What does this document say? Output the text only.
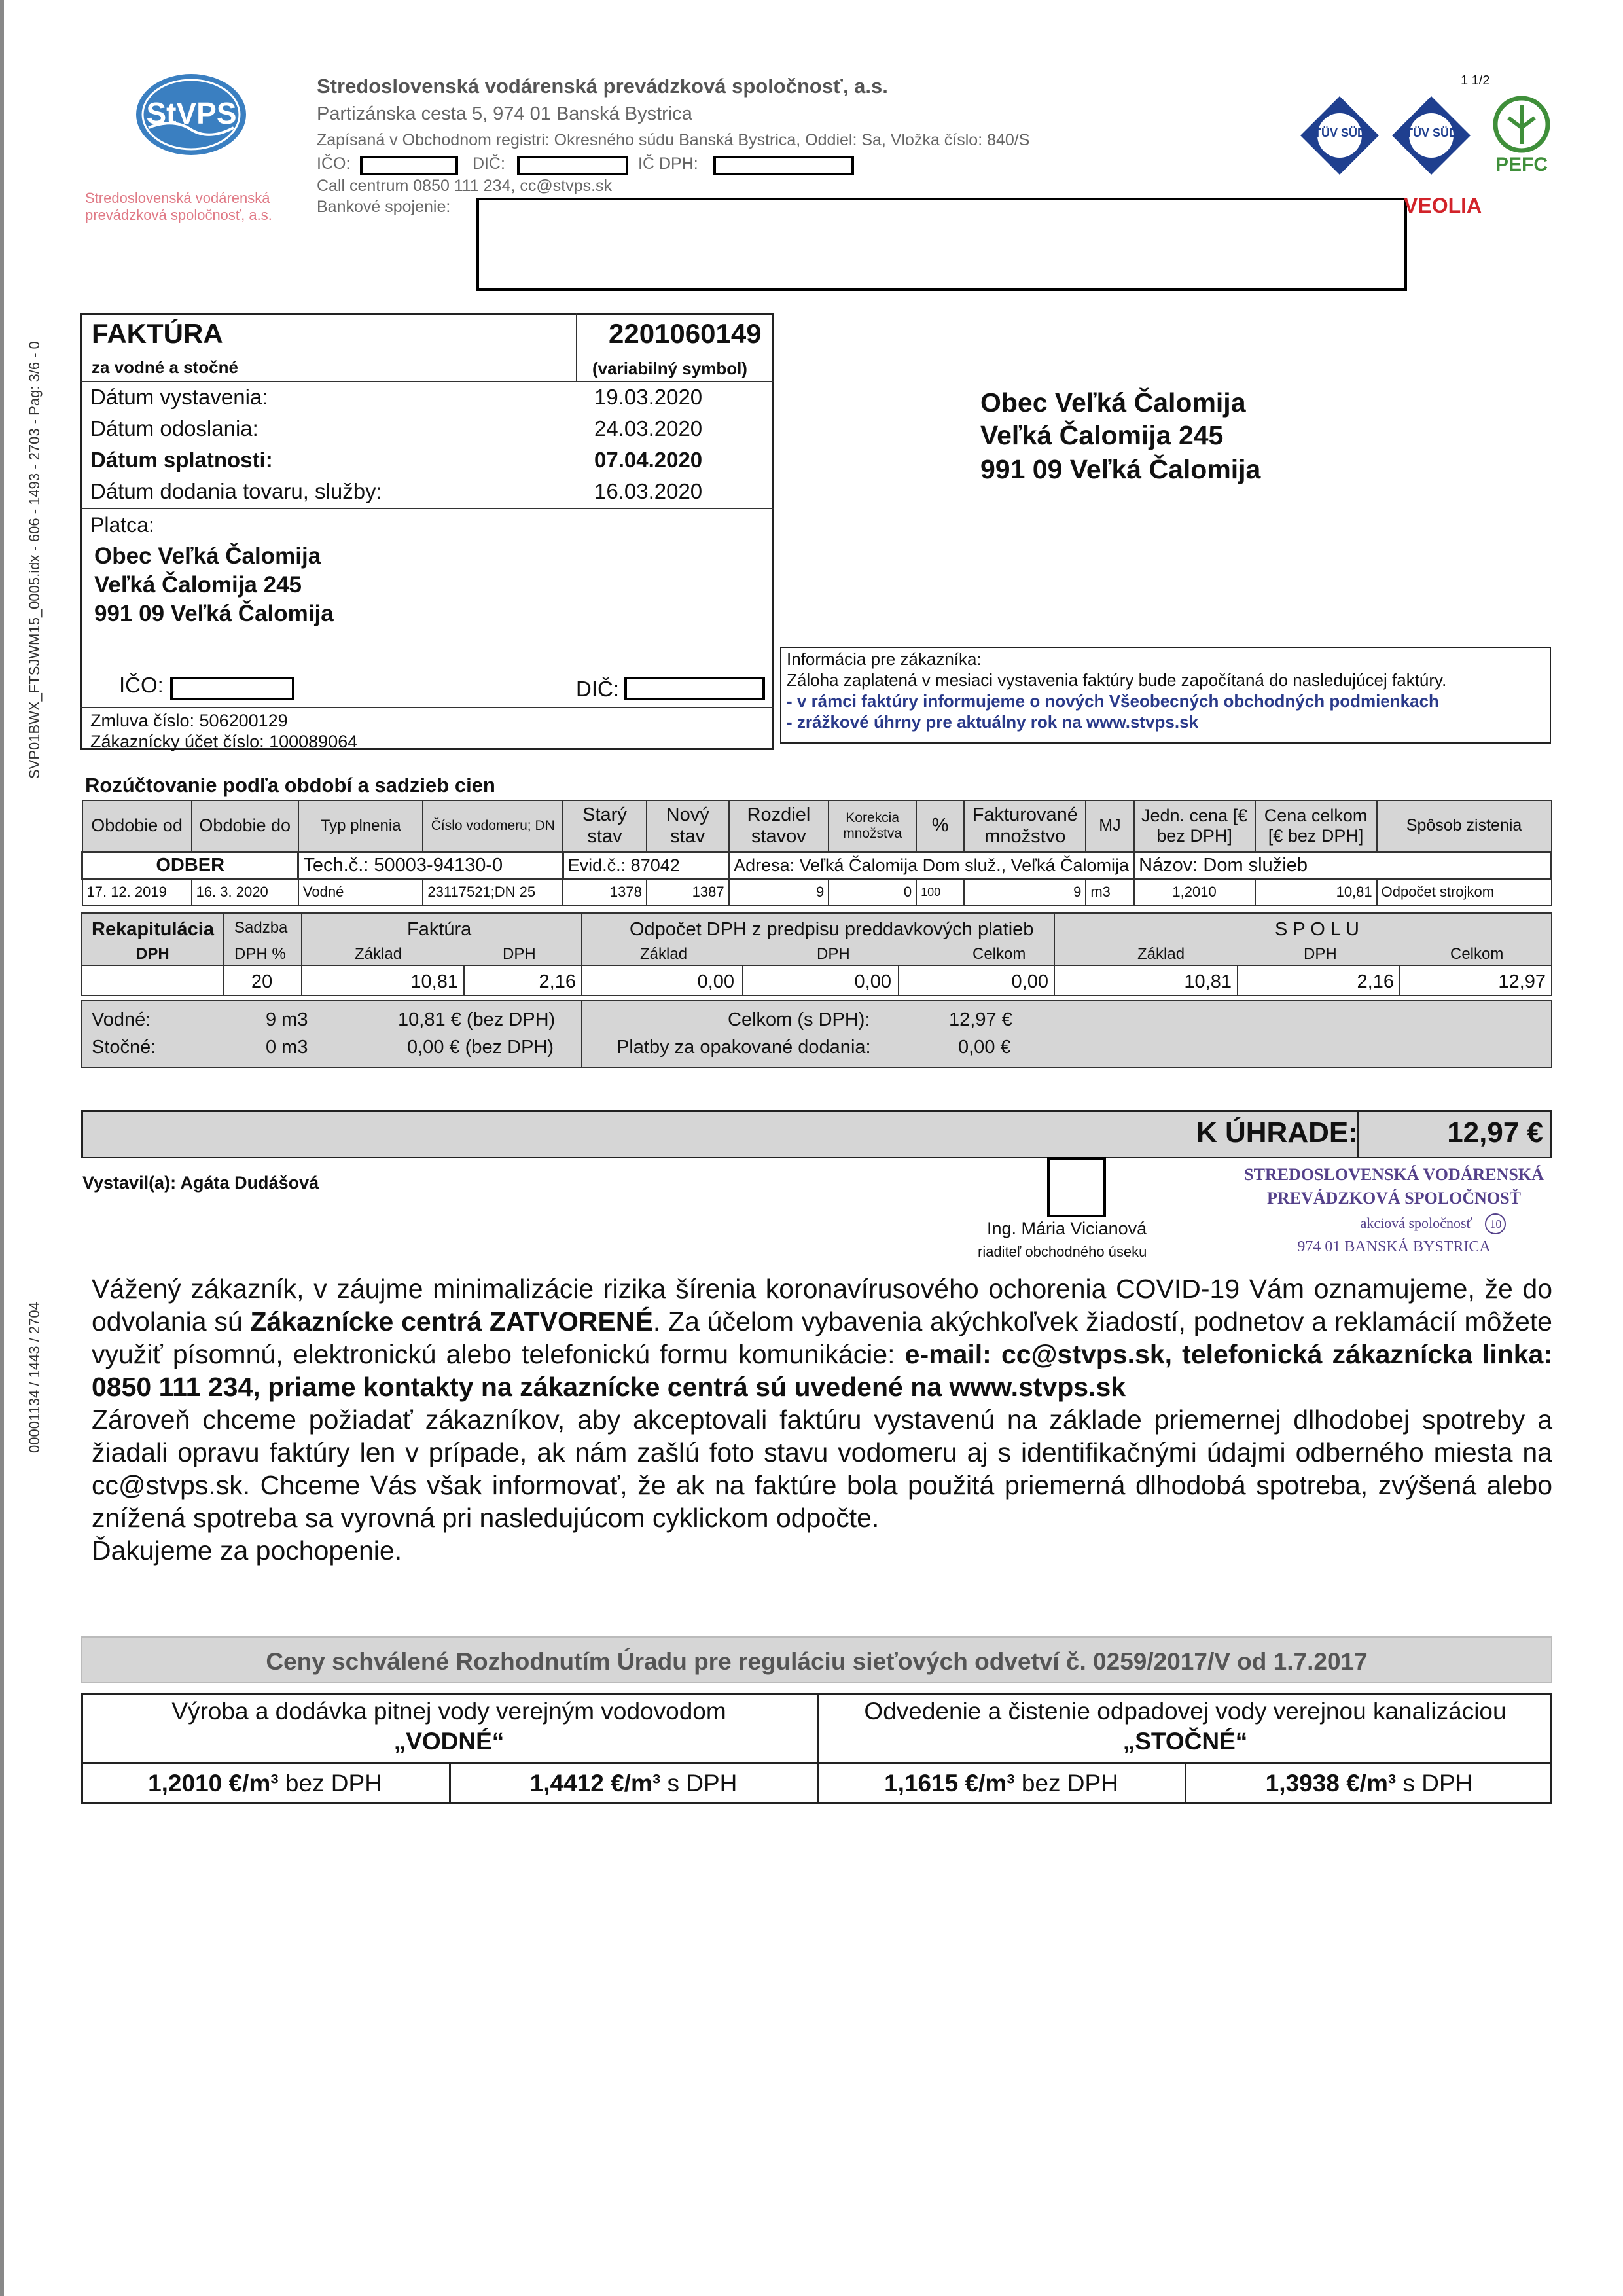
SVP01BWX_FTSJWM15_0005.idx - 606 - 1493 - 2703 - Pag: 3/6 - 0
00001134 / 1443 / 2704
StVPS
Stredoslovenská vodárenská
prevádzková spoločnosť, a.s.
Stredoslovenská vodárenská prevádzková spoločnosť, a.s.
Partizánska cesta 5, 974 01 Banská Bystrica
Zapísaná v Obchodnom registri: Okresného súdu Banská Bystrica, Oddiel: Sa, Vložka číslo: 840/S
IČO:	DIČ:	IČ DPH:
Call centrum 0850 111 234, cc@stvps.sk
Bankové spojenie:
1 1/2
TÜV SÜD	TÜV SÜD
PEFC
VEOLIA
FAKTÚRA
za vodné a stočné
2201060149
(variabilný symbol)
Dátum vystavenia:	19.03.2020
Dátum odoslania:	24.03.2020
Dátum splatnosti:	07.04.2020
Dátum dodania tovaru, služby:	16.03.2020
Platca:
Obec Veľká Čalomija
Veľká Čalomija 245
991 09 Veľká Čalomija
IČO:	DIČ:
Zmluva číslo: 506200129
Zákaznícky účet číslo: 100089064
Obec Veľká Čalomija
Veľká Čalomija 245
991 09 Veľká Čalomija
Informácia pre zákazníka:
Záloha zaplatená v mesiaci vystavenia faktúry bude započítaná do nasledujúcej faktúry.
- v rámci faktúry informujeme o nových Všeobecných obchodných podmienkach
- zrážkové úhrny pre aktuálny rok na www.stvps.sk
Rozúčtovanie podľa období a sadzieb cien
Obdobie od	Obdobie do	Typ plnenia	Číslo vodomeru; DN	Starý stav	Nový stav	Rozdiel stavov	Korekcia množstva	%	Fakturované množstvo	MJ	Jedn. cena [€ bez DPH]	Cena celkom [€ bez DPH]	Spôsob zistenia
ODBER		Tech.č.: 50003-94130-0		Evid.č.: 87042		Adresa: Veľká Čalomija Dom služ., Veľká Čalomija					Názov: Dom služieb		
17. 12. 2019	16. 3. 2020	Vodné	23117521;DN 25	1378	1387	9	0	100	9	m3	1,2010	10,81	Odpočet strojkom
Rekapitulácia
DPH
Sadzba
DPH %
Faktúra
Základ	DPH
Odpočet DPH z predpisu preddavkových platieb
Základ	DPH	Celkom
S P O L U
Základ	DPH	Celkom
20	10,81	2,16	0,00	0,00	0,00	10,81	2,16	12,97
Vodné:	9 m3	10,81 € (bez DPH)
Stočné:	0 m3	0,00 € (bez DPH)
Celkom (s DPH):	12,97 €
Platby za opakované dodania:	0,00 €
K ÚHRADE:	12,97 €
Vystavil(a): Agáta Dudášová
Ing. Mária Vicianová
riaditeľ obchodného úseku
STREDOSLOVENSKÁ VODÁRENSKÁ
PREVÁDZKOVÁ SPOLOČNOSŤ
akciová spoločnosť 10
974 01 BANSKÁ BYSTRICA

Vážený zákazník, v záujme minimalizácie rizika šírenia koronavírusového ochorenia COVID-19 Vám oznamujeme, že do odvolania sú Zákaznícke centrá ZATVORENÉ. Za účelom vybavenia akýchkoľvek žiadostí, podnetov a reklamácií môžete využiť písomnú, elektronickú alebo telefonickú formu komunikácie: e-mail: cc@stvps.sk, telefonická zákaznícka linka: 0850 111 234, priame kontakty na zákaznícke centrá sú uvedené na www.stvps.sk

Zároveň chceme požiadať zákazníkov, aby akceptovali faktúru vystavenú na základe priemernej dlhodobej spotreby a žiadali opravu faktúry len v prípade, ak nám zašlú foto stavu vodomeru aj s identifikačnými údajmi odberného miesta na cc@stvps.sk. Chceme Vás však informovať, že ak na faktúre bola použitá priemerná dlhodobá spotreba, zvýšená alebo znížená spotreba sa vyrovná pri nasledujúcom cyklickom odpočte.

Ďakujeme za pochopenie.

Ceny schválené Rozhodnutím Úradu pre reguláciu sieťových odvetví č. 0259/2017/V od 1.7.2017
Výroba a dodávka pitnej vody verejným vodovodom
„VODNÉ“
Odvedenie a čistenie odpadovej vody verejnou kanalizáciou
„STOČNÉ“
1,2010 €/m³ bez DPH	1,4412 €/m³ s DPH	1,1615 €/m³ bez DPH	1,3938 €/m³ s DPH
